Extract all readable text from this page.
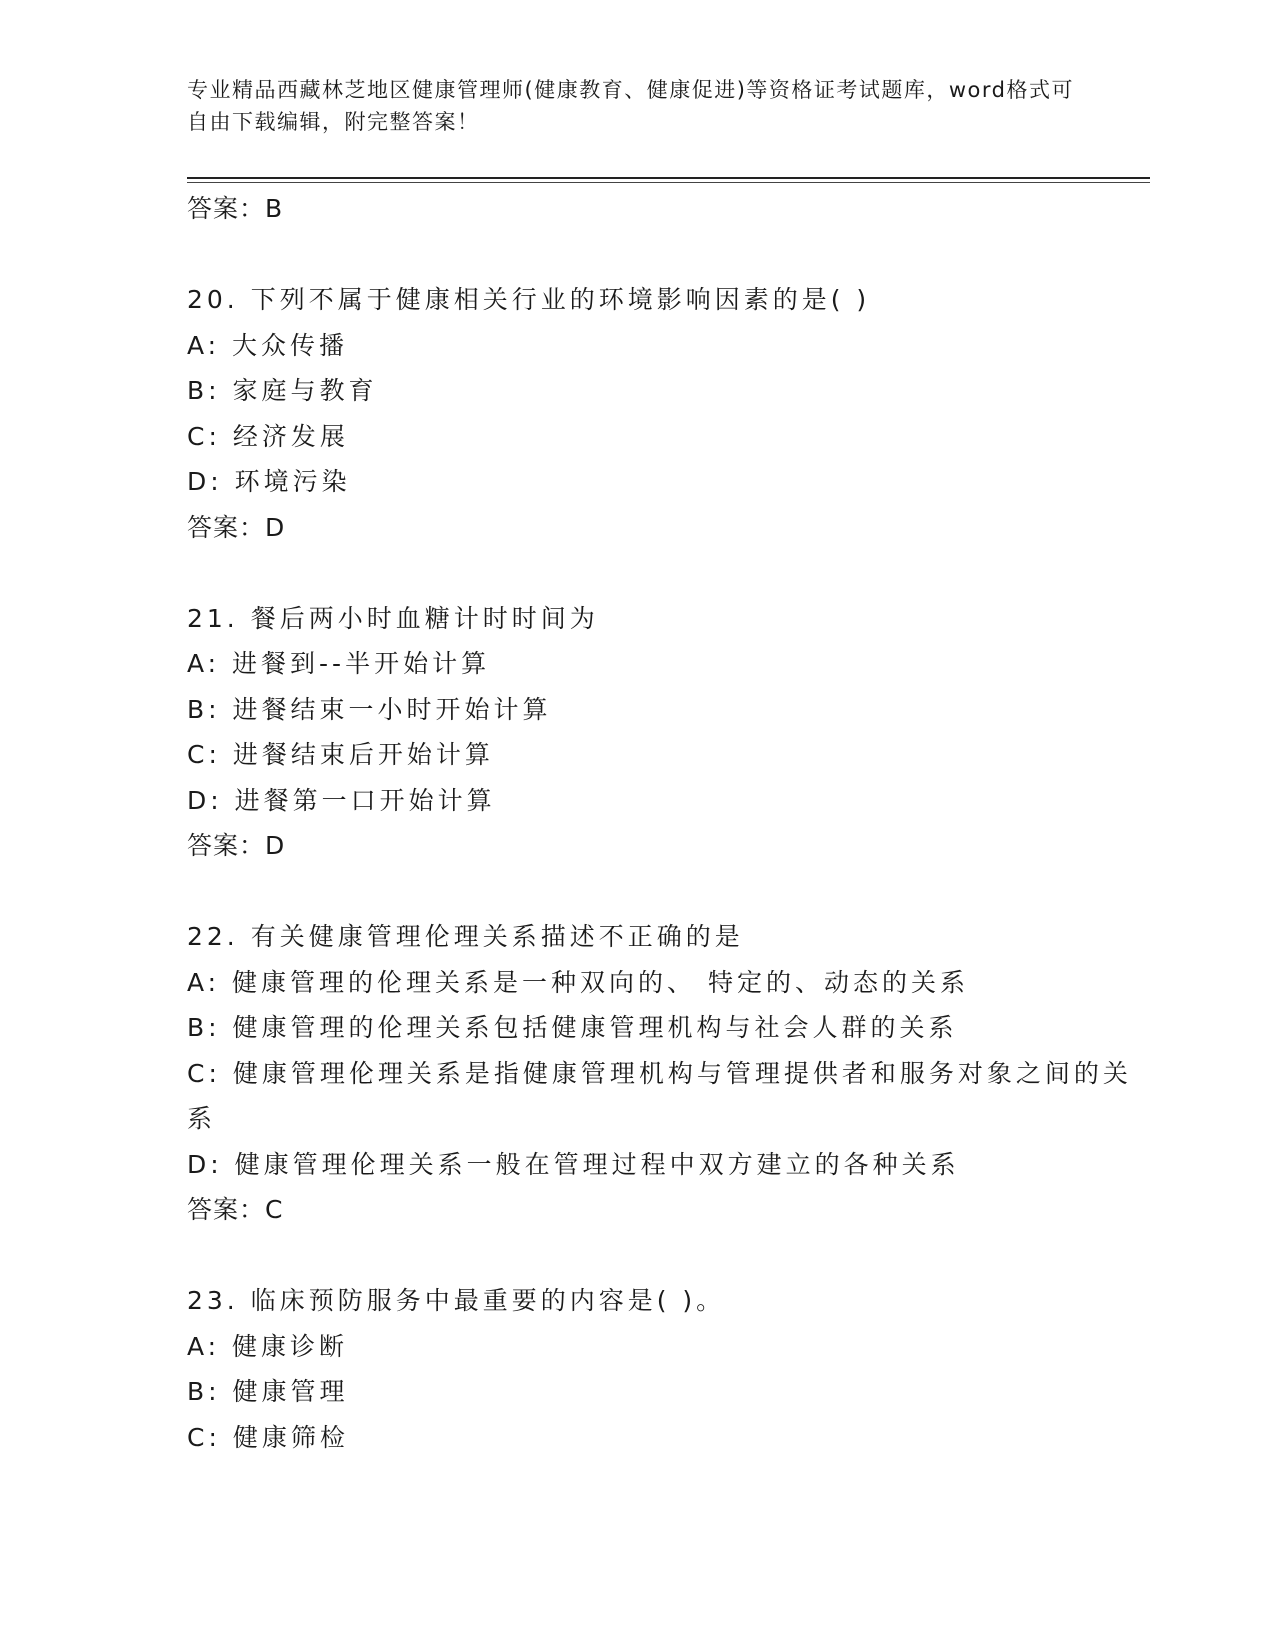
专业精品西藏林芝地区健康管理师(健康教育、健康促进)等资格证考试题库，word格式可自由下载编辑，附完整答案！
答案：B
20. 下列不属于健康相关行业的环境影响因素的是( )
A: 大众传播
B: 家庭与教育
C: 经济发展
D: 环境污染
答案：D
21. 餐后两小时血糖计时时间为
A: 进餐到--半开始计算
B: 进餐结束一小时开始计算
C: 进餐结束后开始计算
D: 进餐第一口开始计算
答案：D
22. 有关健康管理伦理关系描述不正确的是
A: 健康管理的伦理关系是一种双向的、 特定的、动态的关系
B: 健康管理的伦理关系包括健康管理机构与社会人群的关系
C: 健康管理伦理关系是指健康管理机构与管理提供者和服务对象之间的关系
D: 健康管理伦理关系一般在管理过程中双方建立的各种关系
答案：C
23. 临床预防服务中最重要的内容是( )。
A: 健康诊断
B: 健康管理
C: 健康筛检
